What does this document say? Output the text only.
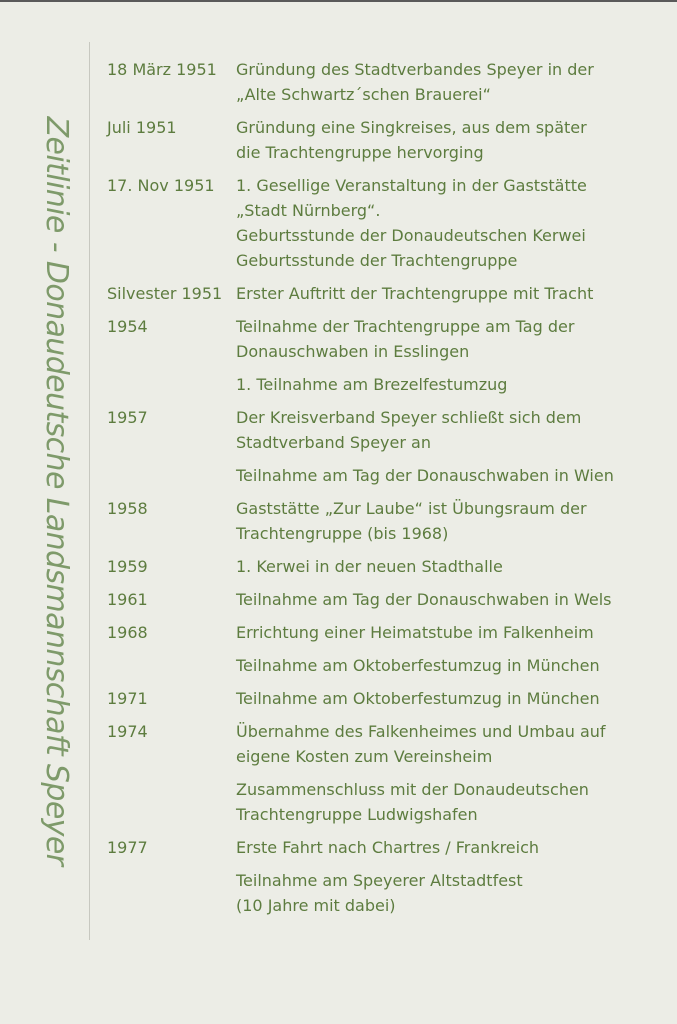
Zeitlinie - Donaudeutsche Landsmannschaft Speyer
18 März 1951	Gründung des Stadtverbandes Speyer in der
„Alte Schwartz´schen Brauerei“
Juli 1951	Gründung eine Singkreises, aus dem später
die Trachtengruppe hervorging
17. Nov 1951	1. Gesellige Veranstaltung in der Gaststätte
„Stadt Nürnberg“.
Geburtsstunde der Donaudeutschen Kerwei
Geburtsstunde der Trachtengruppe
Silvester 1951 Erster Auftritt der Trachtengruppe mit Tracht
1954	Teilnahme der Trachtengruppe am Tag der
Donauschwaben in Esslingen
1. Teilnahme am Brezelfestumzug
1957	Der Kreisverband Speyer schließt sich dem
Stadtverband Speyer an
Teilnahme am Tag der Donauschwaben in Wien
1958	Gaststätte „Zur Laube“ ist Übungsraum der
Trachtengruppe (bis 1968)
1959	1. Kerwei in der neuen Stadthalle
1961	Teilnahme am Tag der Donauschwaben in Wels
1968	Errichtung einer Heimatstube im Falkenheim
Teilnahme am Oktoberfestumzug in München
1971	Teilnahme am Oktoberfestumzug in München
1974	Übernahme des Falkenheimes und Umbau auf
eigene Kosten zum Vereinsheim
Zusammenschluss mit der Donaudeutschen
Trachtengruppe Ludwigshafen
1977	Erste Fahrt nach Chartres / Frankreich
Teilnahme am Speyerer Altstadtfest
(10 Jahre mit dabei)
